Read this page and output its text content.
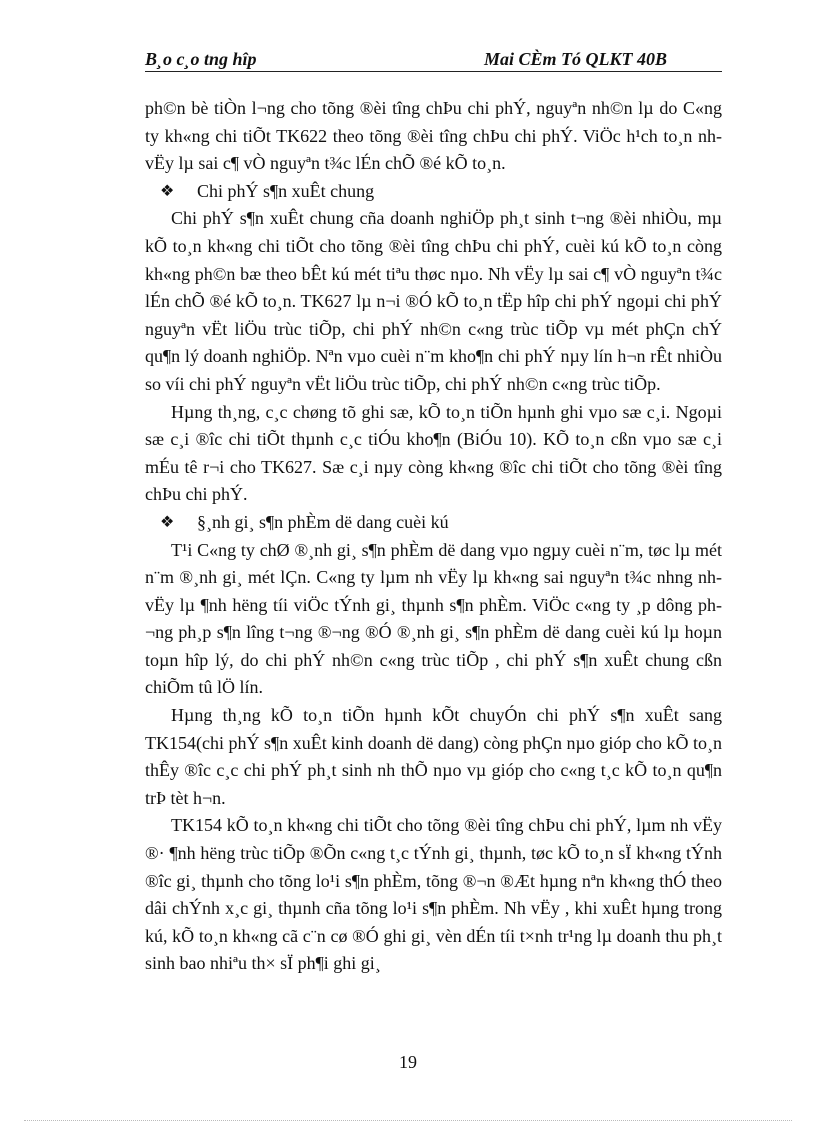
B¸o c¸o tng hîp	Mai CÈm Tó QLKT 40B

ph©n bè tiÒn l¬ng cho tõng ®èi tîng chÞu chi phÝ, nguyªn nh©n lµ do C«ng ty kh«ng chi tiÕt TK622 theo tõng ®èi tîng chÞu chi phÝ. ViÖc h¹ch to¸n nh vËy lµ sai c¶ vÒ nguyªn t¾c lÉn chÕ ®é kÕ to¸n.

❖ Chi phÝ s¶n xuÊt chung

Chi phÝ s¶n xuÊt chung cña doanh nghiÖp ph¸t sinh t¬ng ®èi nhiÒu, mµ kÕ to¸n kh«ng chi tiÕt cho tõng ®èi tîng chÞu chi phÝ, cuèi kú kÕ to¸n còng kh«ng ph©n bæ theo bÊt kú mét tiªu thøc nµo. Nh vËy lµ sai c¶ vÒ nguyªn t¾c lÉn chÕ ®é kÕ to¸n. TK627 lµ n¬i ®Ó kÕ to¸n tËp hîp chi phÝ ngoµi chi phÝ nguyªn vËt liÖu trùc tiÕp, chi phÝ nh©n c«ng trùc tiÕp vµ mét phÇn chÝ qu¶n lý doanh nghiÖp. Nªn vµo cuèi n¨m kho¶n chi phÝ nµy lín h¬n rÊt nhiÒu so víi chi phÝ nguyªn vËt liÖu trùc tiÕp, chi phÝ nh©n c«ng trùc tiÕp.

Hµng th¸ng, c¸c chøng tõ ghi sæ, kÕ to¸n tiÕn hµnh ghi vµo sæ c¸i. Ngoµi sæ c¸i ®îc chi tiÕt thµnh c¸c tiÓu kho¶n (BiÓu 10). KÕ to¸n cßn vµo sæ c¸i mÉu tê r¬i cho TK627. Sæ c¸i nµy còng kh«ng ®îc chi tiÕt cho tõng ®èi tîng chÞu chi phÝ.

❖ §¸nh gi¸ s¶n phÈm dë dang cuèi kú

T¹i C«ng ty chØ ®¸nh gi¸ s¶n phÈm dë dang vµo ngµy cuèi n¨m, tøc lµ mét n¨m ®¸nh gi¸ mét lÇn. C«ng ty lµm nh vËy lµ kh«ng sai nguyªn t¾c nhng nh vËy lµ ¶nh hëng tíi viÖc tÝnh gi¸ thµnh s¶n phÈm. ViÖc c«ng ty ¸p dông ph¬ng ph¸p s¶n lîng t¬ng ®¬ng ®Ó ®¸nh gi¸ s¶n phÈm dë dang cuèi kú lµ hoµn toµn hîp lý, do chi phÝ nh©n c«ng trùc tiÕp , chi phÝ s¶n xuÊt chung cßn chiÕm tû lÖ lín.

Hµng th¸ng kÕ to¸n tiÕn hµnh kÕt chuyÓn chi phÝ s¶n xuÊt sang TK154(chi phÝ s¶n xuÊt kinh doanh dë dang) còng phÇn nµo gióp cho kÕ to¸n thÊy ®îc c¸c chi phÝ ph¸t sinh nh thÕ nµo vµ gióp cho c«ng t¸c kÕ to¸n qu¶n trÞ tèt h¬n.

TK154 kÕ to¸n kh«ng chi tiÕt cho tõng ®èi tîng chÞu chi phÝ, lµm nh vËy ®· ¶nh hëng trùc tiÕp ®Õn c«ng t¸c tÝnh gi¸ thµnh, tøc kÕ to¸n sÏ kh«ng tÝnh ®îc gi¸ thµnh cho tõng lo¹i s¶n phÈm, tõng ®¬n ®Æt hµng nªn kh«ng thÓ theo dâi chÝnh x¸c gi¸ thµnh cña tõng lo¹i s¶n phÈm. Nh vËy , khi xuÊt hµng trong kú, kÕ to¸n kh«ng cã c¨n cø ®Ó ghi gi¸ vèn dÉn tíi t×nh tr¹ng lµ doanh thu ph¸t sinh bao nhiªu th× sÏ ph¶i ghi gi¸

19
